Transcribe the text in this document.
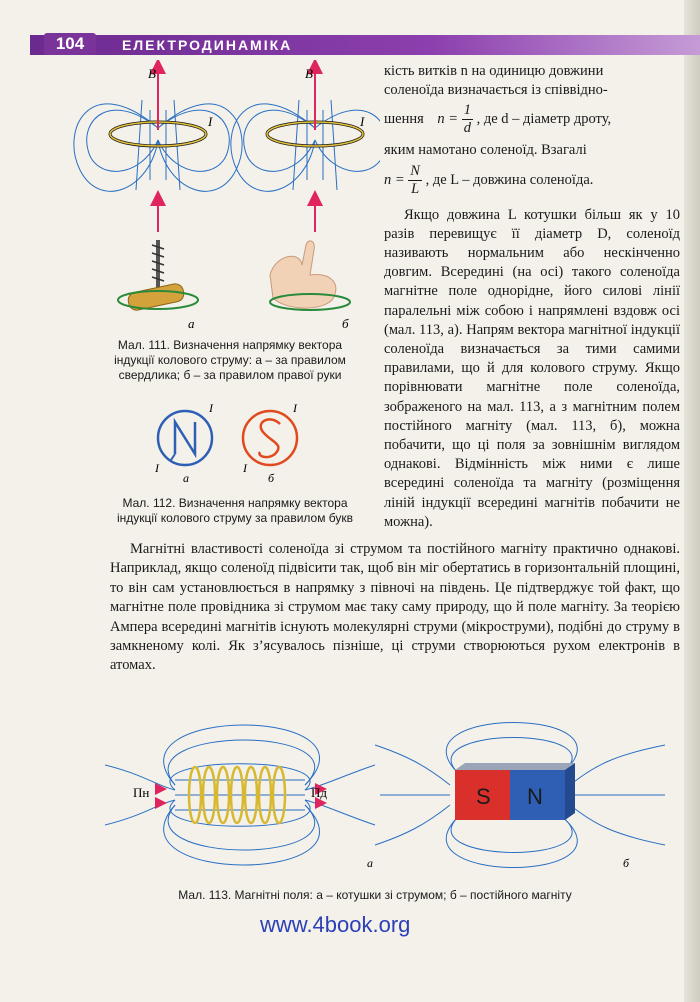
104	ЕЛЕКТРОДИНАМІКА
B⃗
I
а
B⃗
I
б
Мал. 111. Визначення напрямку вектора
індукції колового струму: а – за правилом
свердлика; б – за правилом правої руки
I
I
I
I
а	б
Мал. 112. Визначення напрямку вектора
індукції колового струму за правилом букв

кість витків n на одиницю довжини

соленоїда визначається із співвідно-

шення $n = \frac{1}{d}$ , де d – діаметр дроту,

яким намотано соленоїд. Взагалі

$n = \frac{N}{L}$ , де L – довжина соленоїда.

Якщо довжина L котушки більш як у 10 разів перевищує її діаметр D, соленоїд називають нормальним або нескінченно довгим. Всередині (на осі) такого соленоїда магнітне поле однорідне, його силові лінії паралельні між собою і напрямлені вздовж осі (мал. 113, а). Напрям вектора магнітної індукції соленоїда визначається за тими самими правилами, що й для колового струму. Якщо порівнювати магнітне поле соленоїда, зображеного на мал. 113, а з магнітним полем постійного магніту (мал. 113, б), можна побачити, що ці поля за зовнішнім виглядом однакові. Відмінність між ними є лише всередині соленоїда та магніту (розміщення ліній індукції всередині магнітів побачити не можна).

Магнітні властивості соленоїда зі струмом та постійного магніту практично однакові. Наприклад, якщо соленоїд підвісити так, щоб він міг обертатись в горизонтальній площині, то він сам установлюється в напрямку з півночі на південь. Це підтверджує той факт, що магнітне поле провідника зі струмом має таку саму природу, що й поле магніту. За теорією Ампера всередині магнітів існують молекулярні струми (мікроструми), подібні до струму в замкненому колі. Як з’ясувалось пізніше, ці струми створюються рухом електронів в атомах.

Пн	Пд
а
S N
б
Мал. 113. Магнітні поля: а – котушки зі струмом; б – постійного магніту
www.4book.org
